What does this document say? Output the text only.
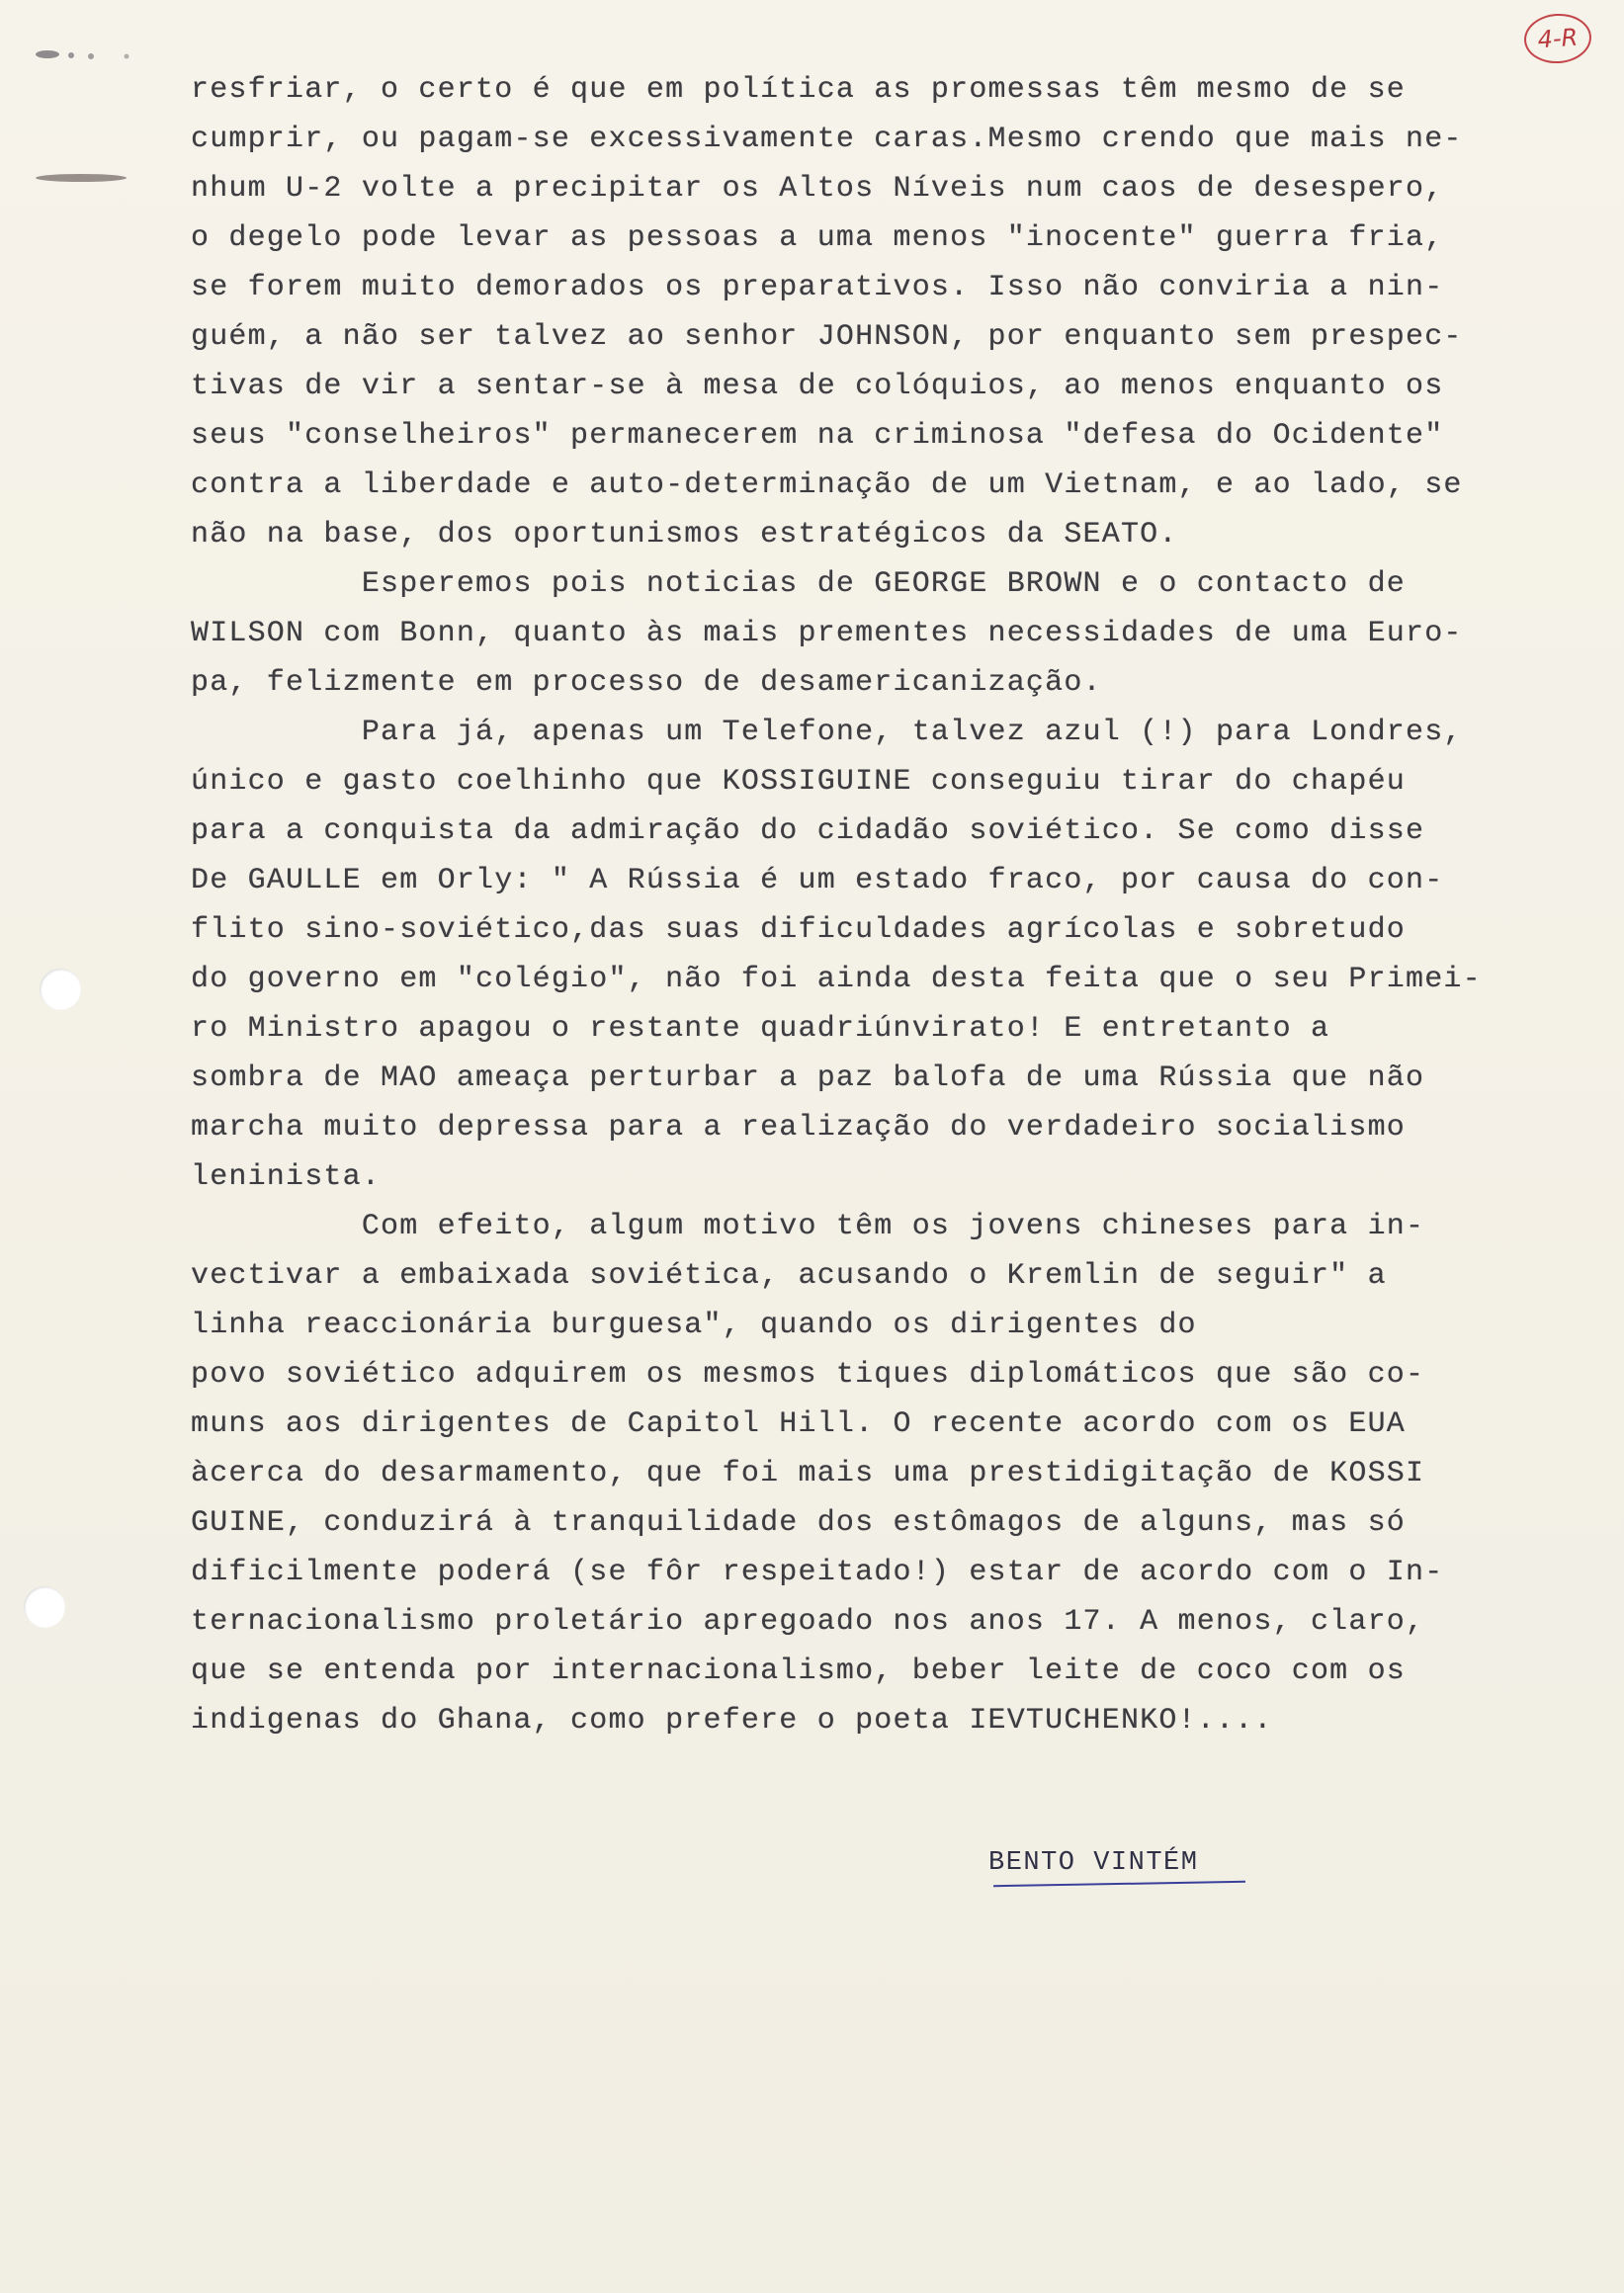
4-R
resfriar, o certo é que em política as promessas têm mesmo de se
cumprir, ou pagam-se excessivamente caras.Mesmo crendo que mais ne-
nhum U-2 volte a precipitar os Altos Níveis num caos de desespero,
o degelo pode levar as pessoas a uma menos "inocente" guerra fria,
se forem muito demorados os preparativos. Isso não conviria a nin-
guém, a não ser talvez ao senhor JOHNSON, por enquanto sem prespec-
tivas de vir a sentar-se à mesa de colóquios, ao menos enquanto os
seus "conselheiros" permanecerem na criminosa "defesa do Ocidente"
contra a liberdade e auto-determinação de um Vietnam, e ao lado, se
não na base, dos oportunismos estratégicos da SEATO.
Esperemos pois noticias de GEORGE BROWN e o contacto de
WILSON com Bonn, quanto às mais prementes necessidades de uma Euro-
pa, felizmente em processo de desamericanização.
Para já, apenas um Telefone, talvez azul (!) para Londres,
único e gasto coelhinho que KOSSIGUINE conseguiu tirar do chapéu
para a conquista da admiração do cidadão soviético. Se como disse
De GAULLE em Orly: " A Rússia é um estado fraco, por causa do con-
flito sino-soviético,das suas dificuldades agrícolas e sobretudo
do governo em "colégio", não foi ainda desta feita que o seu Primei-
ro Ministro apagou o restante quadriúnvirato! E entretanto a
sombra de MAO ameaça perturbar a paz balofa de uma Rússia que não
marcha muito depressa para a realização do verdadeiro socialismo
leninista.
Com efeito, algum motivo têm os jovens chineses para in-
vectivar a embaixada soviética, acusando o Kremlin de seguir" a
linha reaccionária burguesa", quando os dirigentes do
povo soviético adquirem os mesmos tiques diplomáticos que são co-
muns aos dirigentes de Capitol Hill. O recente acordo com os EUA
àcerca do desarmamento, que foi mais uma prestidigitação de KOSSI
GUINE, conduzirá à tranquilidade dos estômagos de alguns, mas só
dificilmente poderá (se fôr respeitado!) estar de acordo com o In-
ternacionalismo proletário apregoado nos anos 17. A menos, claro,
que se entenda por internacionalismo, beber leite de coco com os
indigenas do Ghana, como prefere o poeta IEVTUCHENKO!....
BENTO VINTÉM
